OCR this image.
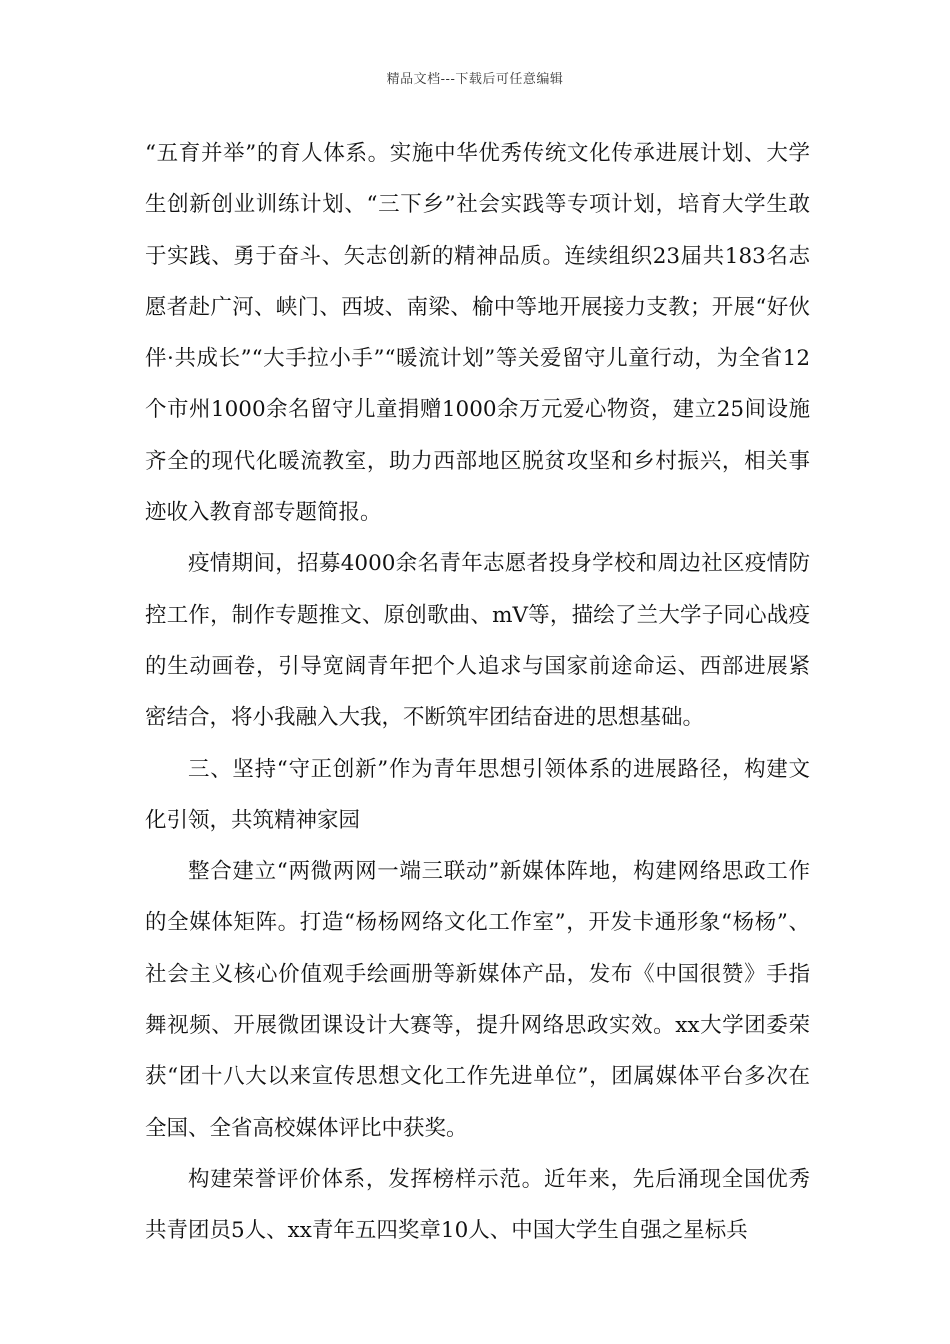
精品文档---下载后可任意编辑

“五育并举”的育人体系。实施中华优秀传统文化传承进展计划、大学生创新创业训练计划、“三下乡”社会实践等专项计划，培育大学生敢于实践、勇于奋斗、矢志创新的精神品质。连续组织23届共183名志愿者赴广河、峡门、西坡、南梁、榆中等地开展接力支教；开展“好伙伴·共成长”“大手拉小手”“暖流计划”等关爱留守儿童行动，为全省12个市州1000余名留守儿童捐赠1000余万元爱心物资，建立25间设施齐全的现代化暖流教室，助力西部地区脱贫攻坚和乡村振兴，相关事迹收入教育部专题简报。

疫情期间，招募4000余名青年志愿者投身学校和周边社区疫情防控工作，制作专题推文、原创歌曲、mV等，描绘了兰大学子同心战疫的生动画卷，引导宽阔青年把个人追求与国家前途命运、西部进展紧密结合，将小我融入大我，不断筑牢团结奋进的思想基础。

三、坚持“守正创新”作为青年思想引领体系的进展路径，构建文化引领，共筑精神家园

整合建立“两微两网一端三联动”新媒体阵地，构建网络思政工作的全媒体矩阵。打造“杨杨网络文化工作室”，开发卡通形象“杨杨”、社会主义核心价值观手绘画册等新媒体产品，发布《中国很赞》手指舞视频、开展微团课设计大赛等，提升网络思政实效。xx大学团委荣获“团十八大以来宣传思想文化工作先进单位”，团属媒体平台多次在全国、全省高校媒体评比中获奖。

构建荣誉评价体系，发挥榜样示范。近年来，先后涌现全国优秀共青团员5人、xx青年五四奖章10人、中国大学生自强之星标兵
